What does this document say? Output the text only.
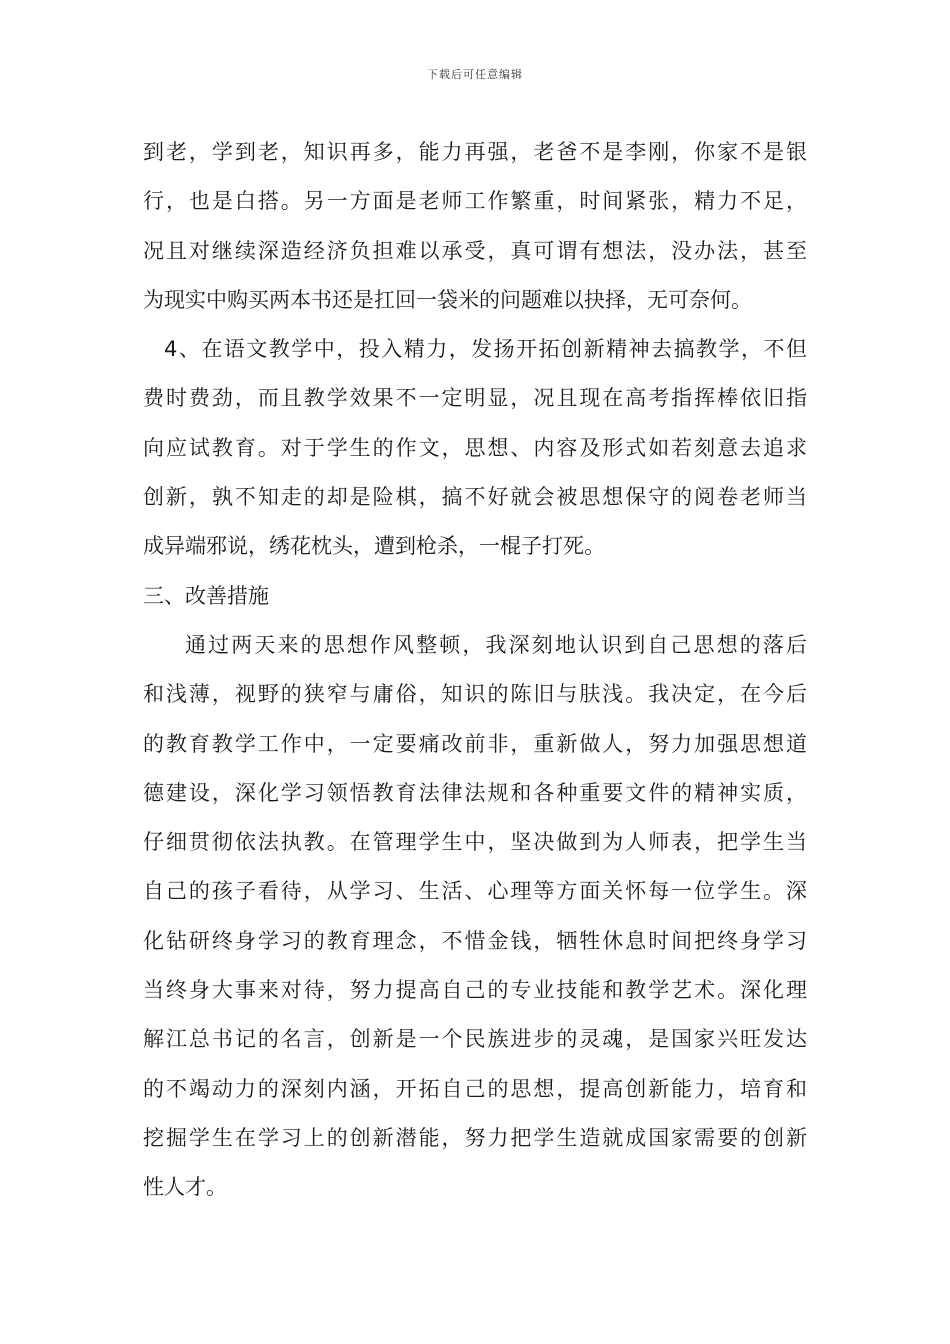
下载后可任意编辑

到老，学到老，知识再多，能力再强，老爸不是李刚，你家不是银
行，也是白搭。另一方面是老师工作繁重，时间紧张，精力不足，
况且对继续深造经济负担难以承受，真可谓有想法，没办法，甚至
为现实中购买两本书还是扛回一袋米的问题难以抉择，无可奈何。

4、在语文教学中，投入精力，发扬开拓创新精神去搞教学，不但
费时费劲，而且教学效果不一定明显，况且现在高考指挥棒依旧指
向应试教育。对于学生的作文，思想、内容及形式如若刻意去追求
创新，孰不知走的却是险棋，搞不好就会被思想保守的阅卷老师当
成异端邪说，绣花枕头，遭到枪杀，一棍子打死。

三、改善措施

通过两天来的思想作风整顿，我深刻地认识到自己思想的落后
和浅薄，视野的狭窄与庸俗，知识的陈旧与肤浅。我决定，在今后
的教育教学工作中，一定要痛改前非，重新做人，努力加强思想道
德建设，深化学习领悟教育法律法规和各种重要文件的精神实质，
仔细贯彻依法执教。在管理学生中，坚决做到为人师表，把学生当
自己的孩子看待，从学习、生活、心理等方面关怀每一位学生。深
化钻研终身学习的教育理念，不惜金钱，牺牲休息时间把终身学习
当终身大事来对待，努力提高自己的专业技能和教学艺术。深化理
解江总书记的名言，创新是一个民族进步的灵魂，是国家兴旺发达
的不竭动力的深刻内涵，开拓自己的思想，提高创新能力，培育和
挖掘学生在学习上的创新潜能，努力把学生造就成国家需要的创新
性人才。
